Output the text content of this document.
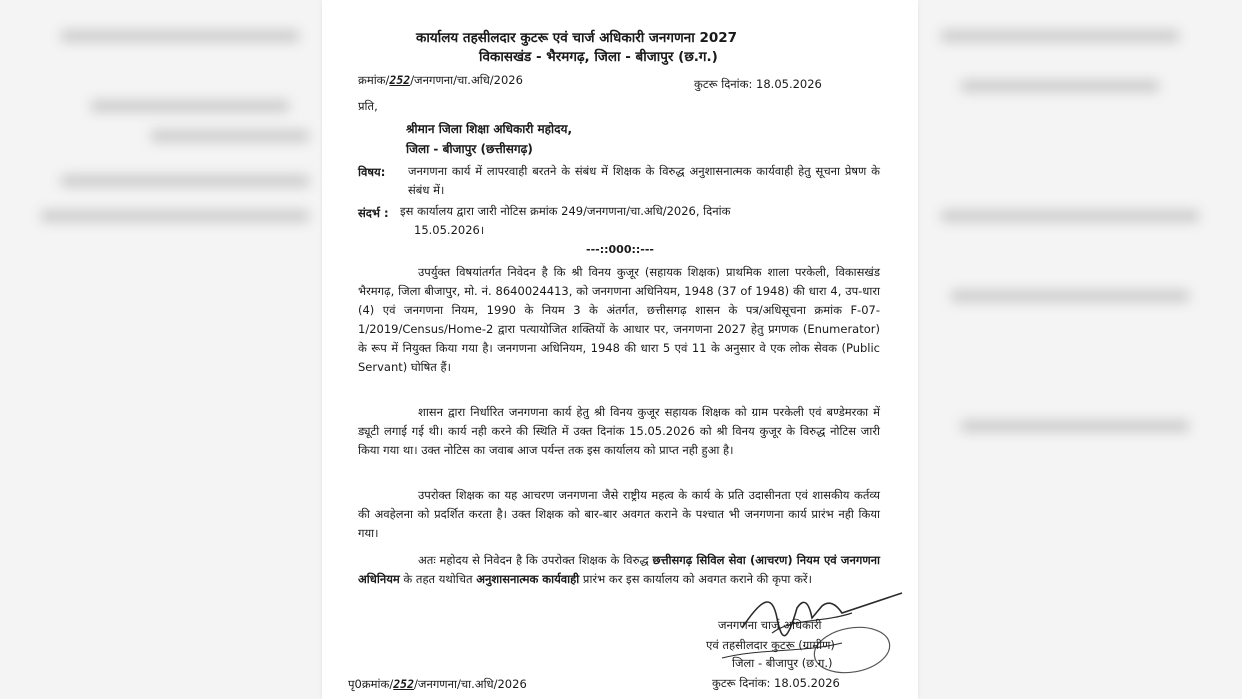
कार्यालय तहसीलदार कुटरू एवं चार्ज अधिकारी जनगणना 2027
विकासखंड - भैरमगढ़, जिला - बीजापुर (छ.ग.)
क्रमांक/252/जनगणना/चा.अधि/2026	कुटरू दिनांक: 18.05.2026
प्रति,
श्रीमान जिला शिक्षा अधिकारी महोदय,
जिला - बीजापुर (छत्तीसगढ़)
विषय: जनगणना कार्य में लापरवाही बरतने के संबंध में शिक्षक के विरुद्ध अनुशासनात्मक कार्यवाही हेतु सूचना प्रेषण के संबंध में।
संदर्भ : इस कार्यालय द्वारा जारी नोटिस क्रमांक 249/जनगणना/चा.अधि/2026, दिनांक
15.05.2026।
---::000::---
उपर्युक्त विषयांतर्गत निवेदन है कि श्री विनय कुजूर (सहायक शिक्षक) प्राथमिक शाला परकेली, विकासखंड भैरमगढ़, जिला बीजापुर, मो. नं. 8640024413, को जनगणना अधिनियम, 1948 (37 of 1948) की धारा 4, उप-धारा (4) एवं जनगणना नियम, 1990 के नियम 3 के अंतर्गत, छत्तीसगढ़ शासन के पत्र/अधिसूचना क्रमांक F-07-1/2019/Census/Home-2 द्वारा पत्यायोजित शक्तियों के आधार पर, जनगणना 2027 हेतु प्रगणक (Enumerator) के रूप में नियुक्त किया गया है। जनगणना अधिनियम, 1948 की धारा 5 एवं 11 के अनुसार वे एक लोक सेवक (Public Servant) घोषित हैं।
शासन द्वारा निर्धारित जनगणना कार्य हेतु श्री विनय कुजूर सहायक शिक्षक को ग्राम परकेली एवं बण्डेमरका में ड्यूटी लगाई गई थी। कार्य नही करने की स्थिति में उक्त दिनांक 15.05.2026 को श्री विनय कुजूर के विरुद्ध नोटिस जारी किया गया था। उक्त नोटिस का जवाब आज पर्यन्त तक इस कार्यालय को प्राप्त नही हुआ है।
उपरोक्त शिक्षक का यह आचरण जनगणना जैसे राष्ट्रीय महत्व के कार्य के प्रति उदासीनता एवं शासकीय कर्तव्य की अवहेलना को प्रदर्शित करता है। उक्त शिक्षक को बार-बार अवगत कराने के पश्चात भी जनगणना कार्य प्रारंभ नही किया गया।
अतः महोदय से निवेदन है कि उपरोक्त शिक्षक के विरुद्ध छत्तीसगढ़ सिविल सेवा (आचरण) नियम एवं जनगणना अधिनियम के तहत यथोचित अनुशासनात्मक कार्यवाही प्रारंभ कर इस कार्यालय को अवगत कराने की कृपा करें।
जनगणना चार्ज अधिकारी
एवं तहसीलदार कुटरू (ग्रामीण)
जिला - बीजापुर (छ.ग.)
पृ0क्रमांक/252/जनगणना/चा.अधि/2026	कुटरू दिनांक: 18.05.2026
